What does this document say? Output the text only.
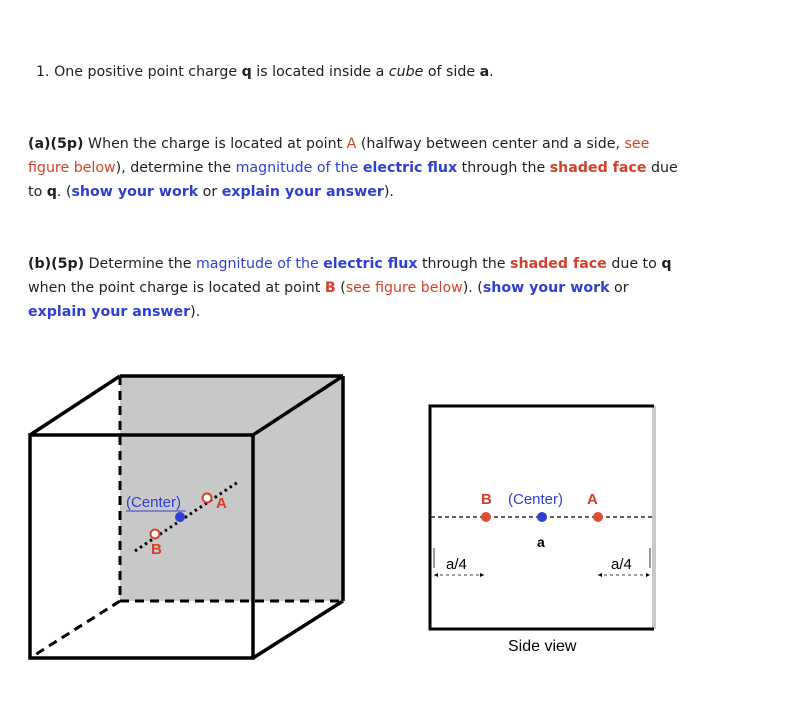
1. One positive point charge q is located inside a cube of side a.

(a)(5p) When the charge is located at point A (halfway between center and a side, see figure below), determine the magnitude of the electric flux through the shaded face due to q. (show your work or explain your answer).

(b)(5p) Determine the magnitude of the electric flux through the shaded face due to q when the point charge is located at point B (see figure below). (show your work or explain your answer).

(Center) A
B
B (Center) A
a
a/4	a/4
Side view
